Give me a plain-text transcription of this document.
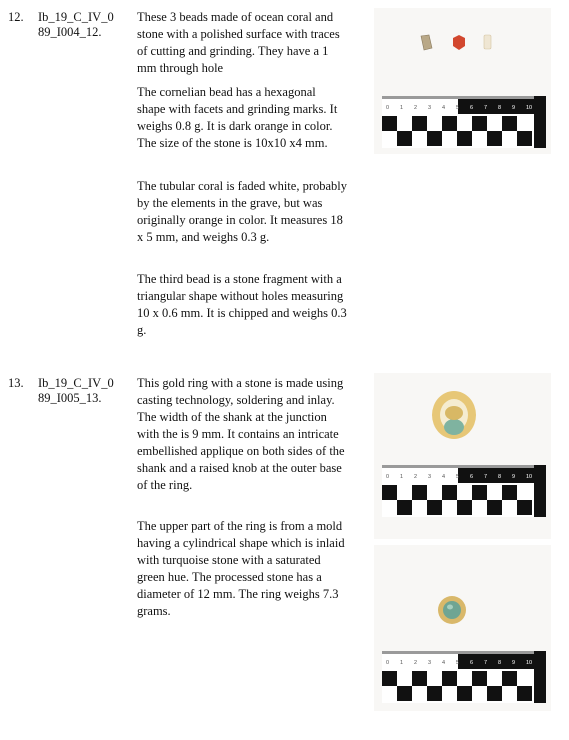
12. Ib_19_C_IV_0
89_I004_12.

These 3 beads made of ocean coral and stone with a polished surface with traces of cutting and grinding. They have a 1 mm through hole

The cornelian bead has a hexagonal shape with facets and grinding marks. It weighs 0.8 g. It is dark orange in color. The size of the stone is 10x10 x4 mm.

The tubular coral is faded white, probably by the elements in the grave, but was originally orange in color. It measures 18 x 5 mm, and weighs 0.3 g.

The third bead is a stone fragment with a triangular shape without holes measuring 10 x 0.6 mm. It is chipped and weighs 0.3 g.

13. Ib_19_C_IV_0
89_I005_13.

This gold ring with a stone is made using casting technology, soldering and inlay. The width of the shank at the junction with the is 9 mm. It contains an intricate embellished applique on both sides of the shank and a raised knob at the outer base of the ring.

The upper part of the ring is from a mold having a cylindrical shape which is inlaid with turquoise stone with a saturated green hue. The processed stone has a diameter of 12 mm. The ring weighs 7.3 grams.

0 1 2 3 4 5 6 7 8 9 10
0 1 2 3 4 5 6 7 8 9 10
0 1 2 3 4 5 6 7 8 9 10
